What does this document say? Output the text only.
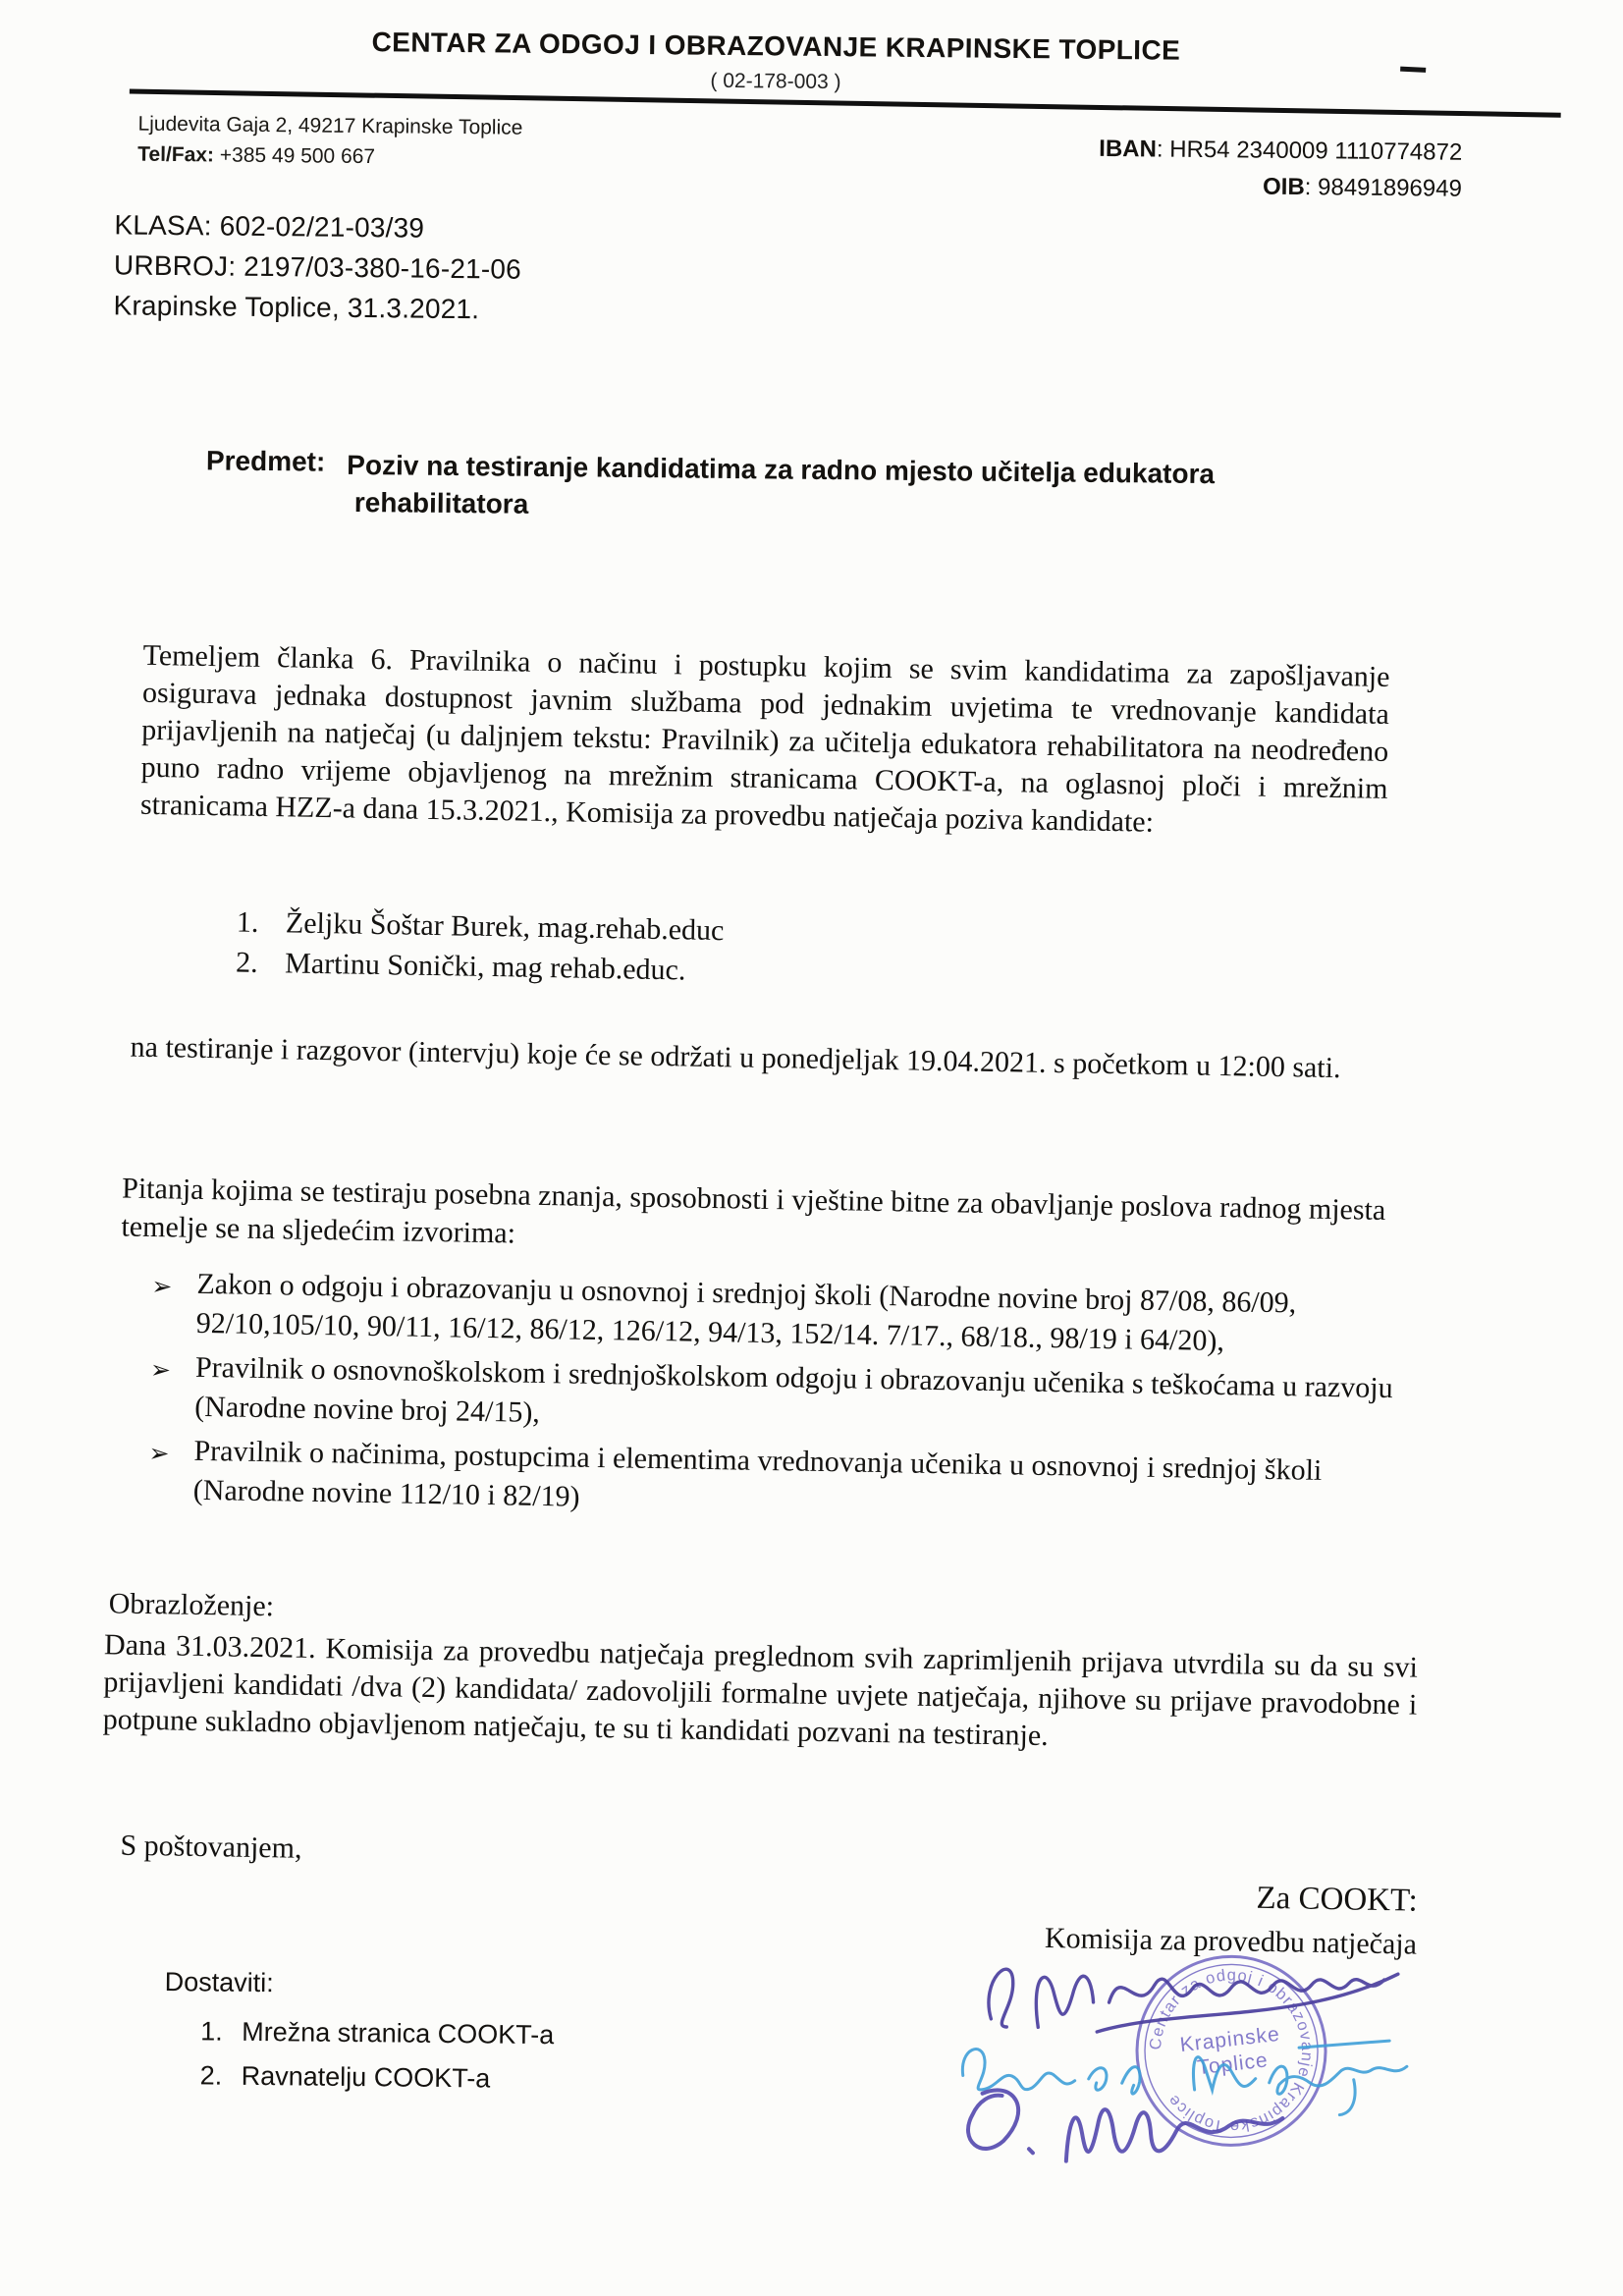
CENTAR ZA ODGOJ I OBRAZOVANJE KRAPINSKE TOPLICE
( 02-178-003 )
Ljudevita Gaja 2, 49217 Krapinske Toplice
Tel/Fax: +385 49 500 667	IBAN: HR54 2340009 1110774872
OIB: 98491896949
KLASA: 602-02/21-03/39
URBROJ: 2197/03-380-16-21-06
Krapinske Toplice, 31.3.2021.
Predmet: Poziv na testiranje kandidatima za radno mjesto učitelja edukatora
rehabilitatora
Temeljem članka 6. Pravilnika o načinu i postupku kojim se svim kandidatima za zapošljavanje osigurava jednaka dostupnost javnim službama pod jednakim uvjetima te vrednovanje kandidata prijavljenih na natječaj (u daljnjem tekstu: Pravilnik) za učitelja edukatora rehabilitatora na neodređeno puno radno vrijeme objavljenog na mrežnim stranicama COOKT-a, na oglasnoj ploči i mrežnim stranicama HZZ-a dana 15.3.2021., Komisija za provedbu natječaja poziva kandidate:
1. Željku Šoštar Burek, mag.rehab.educ
2. Martinu Sonički, mag rehab.educ.
na testiranje i razgovor (intervju) koje će se održati u ponedjeljak 19.04.2021. s početkom u 12:00 sati.
Pitanja kojima se testiraju posebna znanja, sposobnosti i vještine bitne za obavljanje poslova radnog mjesta temelje se na sljedećim izvorima:
➢ Zakon o odgoju i obrazovanju u osnovnoj i srednjoj školi (Narodne novine broj 87/08, 86/09, 92/10,105/10, 90/11, 16/12, 86/12, 126/12, 94/13, 152/14. 7/17., 68/18., 98/19 i 64/20),
➢ Pravilnik o osnovnoškolskom i srednjoškolskom odgoju i obrazovanju učenika s teškoćama u razvoju (Narodne novine broj 24/15),
➢ Pravilnik o načinima, postupcima i elementima vrednovanja učenika u osnovnoj i srednjoj školi (Narodne novine 112/10 i 82/19)
Obrazloženje:
Dana 31.03.2021. Komisija za provedbu natječaja preglednom svih zaprimljenih prijava utvrdila su da su svi prijavljeni kandidati /dva (2) kandidata/ zadovoljili formalne uvjete natječaja, njihove su prijave pravodobne i potpune sukladno objavljenom natječaju, te su ti kandidati pozvani na testiranje.
S poštovanjem,
Za COOKT:
Komisija za provedbu natječaja
Centar za odgoj i obrazovanje Krapinske Toplice
Krapinske
Toplice
Dostaviti:
1. Mrežna stranica COOKT-a
2. Ravnatelju COOKT-a
